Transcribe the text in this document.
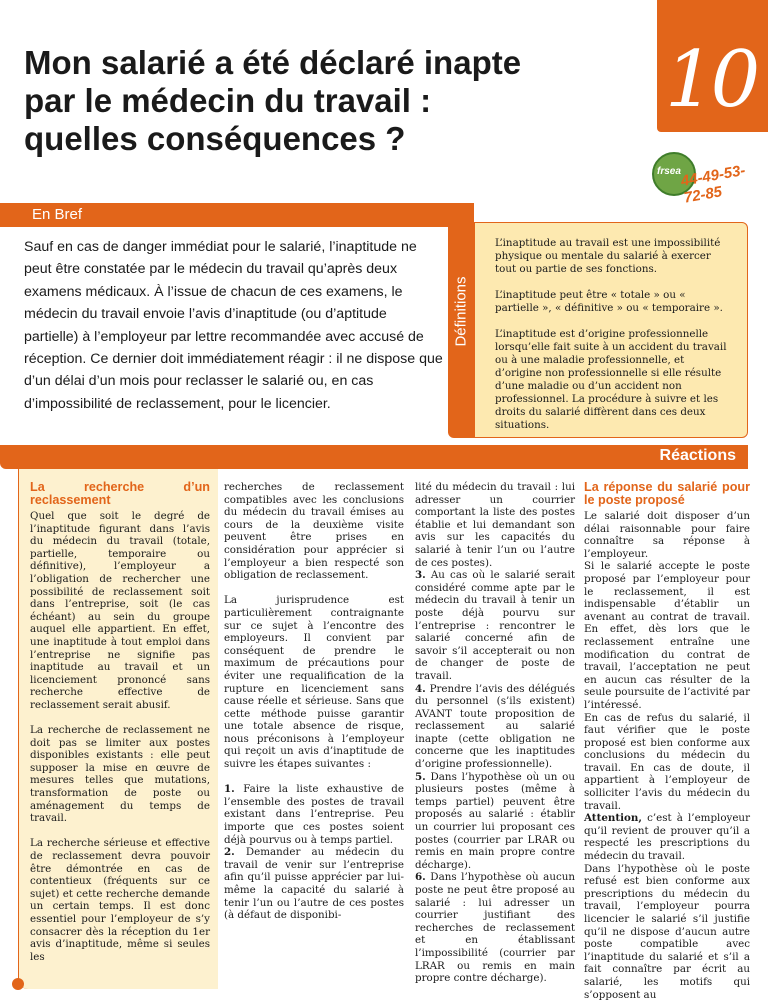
Mon salarié a été déclaré inapte
par le médecin du travail :
quelles conséquences ?
10
frsea
44-49-53-72-85
En Bref

Sauf en cas de danger immédiat pour le salarié, l’inaptitude ne peut être constatée par le médecin du travail qu’après deux examens médicaux. À l’issue de chacun de ces examens, le médecin du travail envoie l’avis d’inaptitude (ou d’aptitude partielle) à l’employeur par lettre recommandée avec accusé de réception. Ce dernier doit immédiatement réagir : il ne dispose que d’un délai d’un mois pour reclasser le salarié ou, en cas d’impossibilité de reclassement, pour le licencier.

Définitions

L’inaptitude au travail est une impossibilité physique ou mentale du salarié à exercer tout ou partie de ses fonctions.

L’inaptitude peut être « totale » ou « partielle », « définitive » ou « temporaire ».

L’inaptitude est d’origine professionnelle lorsqu’elle fait suite à un accident du travail ou à une maladie professionnelle, et d’origine non professionnelle si elle résulte d’une maladie ou d’un accident non professionnel. La procédure à suivre et les droits du salarié diffèrent dans ces deux situations.

Réactions
La recherche d’un reclassement

Quel que soit le degré de l’inaptitude figurant dans l’avis du médecin du travail (totale, partielle, temporaire ou définitive), l’employeur a l’obligation de rechercher une possibilité de reclassement soit dans l’entreprise, soit (le cas échéant) au sein du groupe auquel elle appartient. En effet, une inaptitude à tout emploi dans l’entreprise ne signifie pas inaptitude au travail et un licenciement prononcé sans recherche effective de reclassement serait abusif.

La recherche de reclassement ne doit pas se limiter aux postes disponibles existants : elle peut supposer la mise en œuvre de mesures telles que mutations, transformation de poste ou aménagement du temps de travail.

La recherche sérieuse et effective de reclassement devra pouvoir être démontrée en cas de contentieux (fréquents sur ce sujet) et cette recherche demande un certain temps. Il est donc essentiel pour l’employeur de s’y consacrer dès la réception du 1er avis d’inaptitude, même si seules les

recherches de reclassement compatibles avec les conclusions du médecin du travail émises au cours de la deuxième visite peuvent être prises en considération pour apprécier si l’employeur a bien respecté son obligation de reclassement.

La jurisprudence est particulièrement contraignante sur ce sujet à l’encontre des employeurs. Il convient par conséquent de prendre le maximum de précautions pour éviter une requalification de la rupture en licenciement sans cause réelle et sérieuse. Sans que cette méthode puisse garantir une totale absence de risque, nous préconisons à l’employeur qui reçoit un avis d’inaptitude de suivre les étapes suivantes :

1. Faire la liste exhaustive de l’ensemble des postes de travail existant dans l’entreprise. Peu importe que ces postes soient déjà pourvus ou à temps partiel.

2. Demander au médecin du travail de venir sur l’entreprise afin qu’il puisse apprécier par lui-même la capacité du salarié à tenir l’un ou l’autre de ces postes (à défaut de disponibi-

lité du médecin du travail : lui adresser un courrier comportant la liste des postes établie et lui demandant son avis sur les capacités du salarié à tenir l’un ou l’autre de ces postes).

3. Au cas où le salarié serait considéré comme apte par le médecin du travail à tenir un poste déjà pourvu sur l’entreprise : rencontrer le salarié concerné afin de savoir s’il accepterait ou non de changer de poste de travail.

4. Prendre l’avis des délégués du personnel (s’ils existent) AVANT toute proposition de reclassement au salarié inapte (cette obligation ne concerne que les inaptitudes d’origine professionnelle).

5. Dans l’hypothèse où un ou plusieurs postes (même à temps partiel) peuvent être proposés au salarié : établir un courrier lui proposant ces postes (courrier par LRAR ou remis en main propre contre décharge).

6. Dans l’hypothèse où aucun poste ne peut être proposé au salarié : lui adresser un courrier justifiant des recherches de reclassement et en établissant l’impossibilité (courrier par LRAR ou remis en main propre contre décharge).

La réponse du salarié pour le poste proposé

Le salarié doit disposer d’un délai raisonnable pour faire connaître sa réponse à l’employeur.

Si le salarié accepte le poste proposé par l’employeur pour le reclassement, il est indispensable d’établir un avenant au contrat de travail. En effet, dès lors que le reclassement entraîne une modification du contrat de travail, l’acceptation ne peut en aucun cas résulter de la seule poursuite de l’activité par l’intéressé.

En cas de refus du salarié, il faut vérifier que le poste proposé est bien conforme aux conclusions du médecin du travail. En cas de doute, il appartient à l’employeur de solliciter l’avis du médecin du travail.

Attention, c’est à l’employeur qu’il revient de prouver qu’il a respecté les prescriptions du médecin du travail.

Dans l’hypothèse où le poste refusé est bien conforme aux prescriptions du médecin du travail, l’employeur pourra licencier le salarié s’il justifie qu’il ne dispose d’aucun autre poste compatible avec l’inaptitude du salarié et s’il a fait connaître par écrit au salarié, les motifs qui s’opposent au
